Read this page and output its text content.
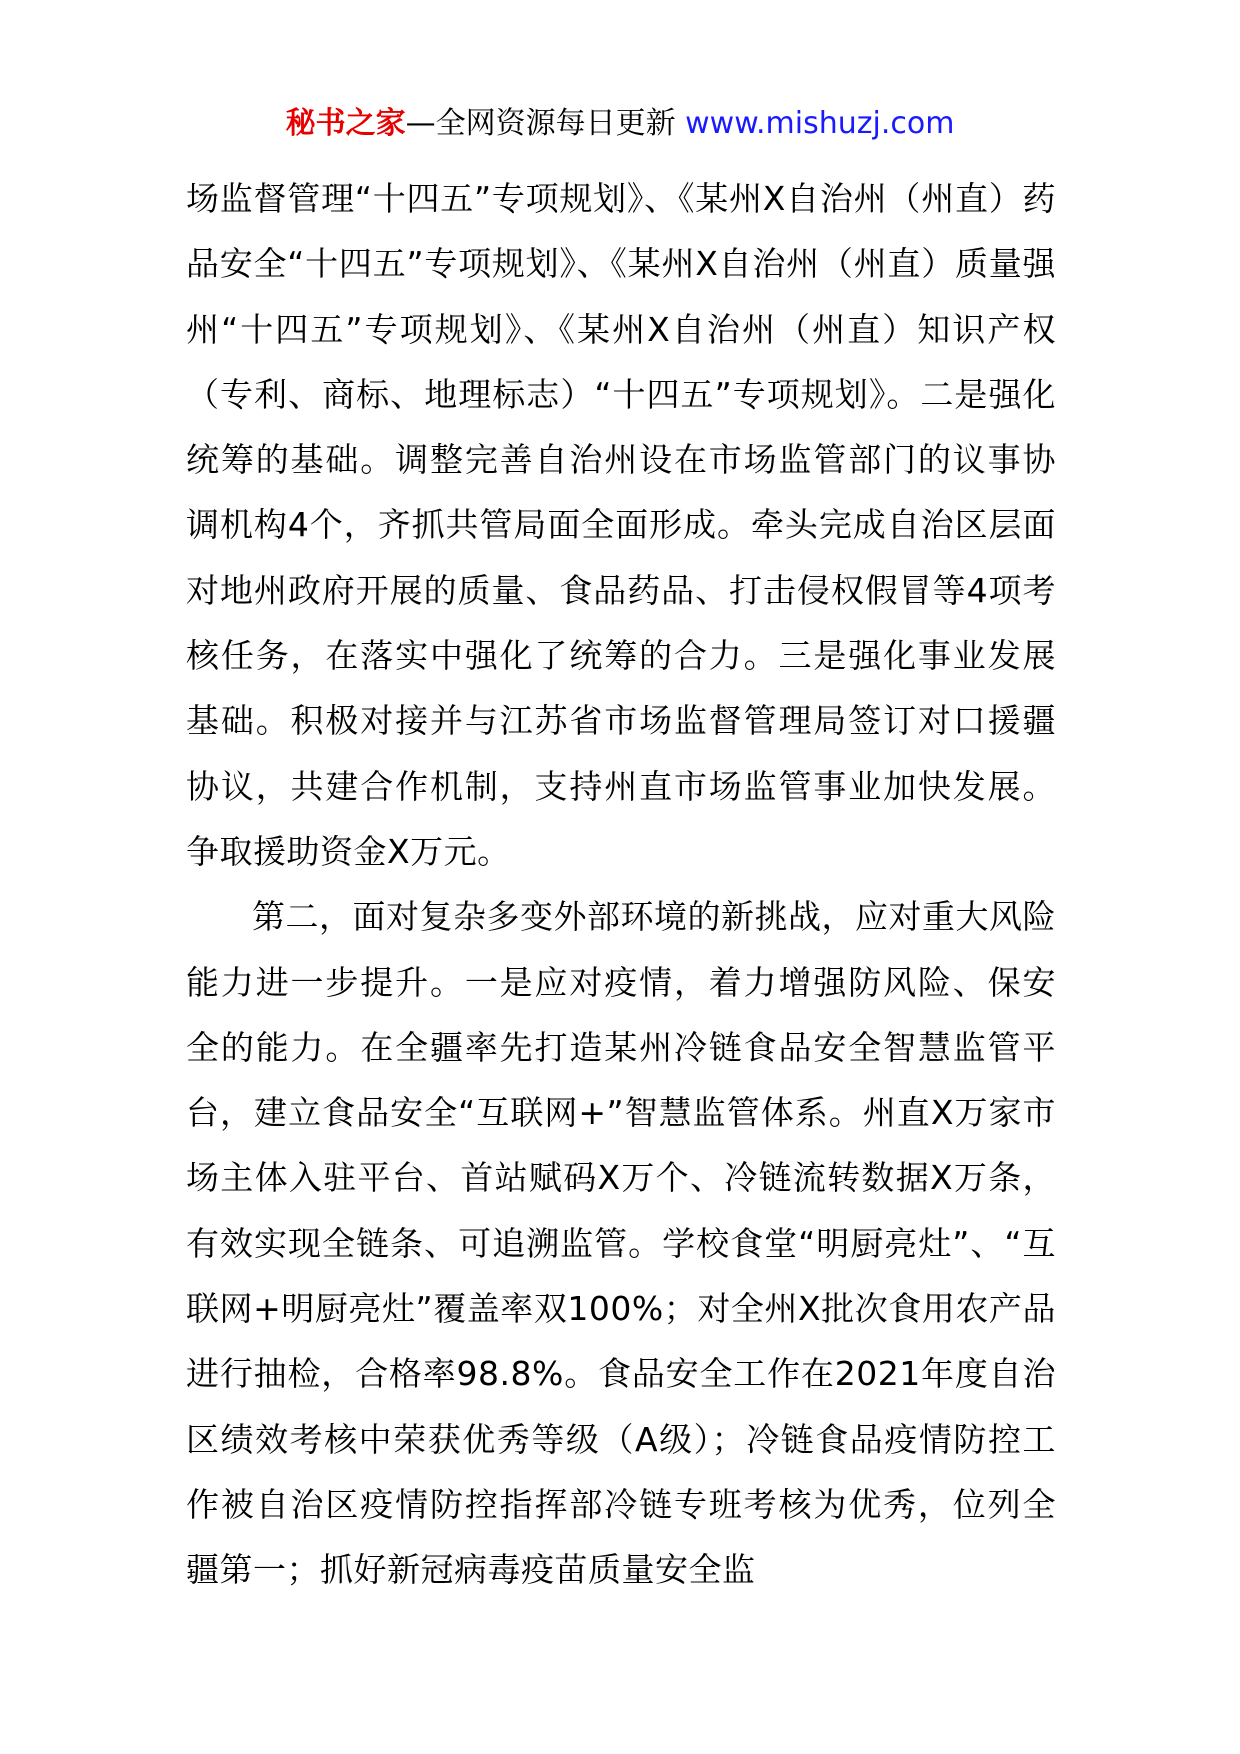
秘书之家—全网资源每日更新 www.mishuzj.com

场监督管理“十四五”专项规划》、《某州X自治州（州直）药品安全“十四五”专项规划》、《某州X自治州（州直）质量强州“十四五”专项规划》、《某州X自治州（州直）知识产权（专利、商标、地理标志）“十四五”专项规划》。二是强化统筹的基础。调整完善自治州设在市场监管部门的议事协调机构4个，齐抓共管局面全面形成。牵头完成自治区层面对地州政府开展的质量、食品药品、打击侵权假冒等4项考核任务，在落实中强化了统筹的合力。三是强化事业发展基础。积极对接并与江苏省市场监督管理局签订对口援疆协议，共建合作机制，支持州直市场监管事业加快发展。争取援助资金X万元。

第二，面对复杂多变外部环境的新挑战，应对重大风险能力进一步提升。一是应对疫情，着力增强防风险、保安全的能力。在全疆率先打造某州冷链食品安全智慧监管平台，建立食品安全“互联网+”智慧监管体系。州直X万家市场主体入驻平台、首站赋码X万个、冷链流转数据X万条，有效实现全链条、可追溯监管。学校食堂“明厨亮灶”、“互联网+明厨亮灶”覆盖率双100%；对全州X批次食用农产品进行抽检，合格率98.8%。食品安全工作在2021年度自治区绩效考核中荣获优秀等级（A级）；冷链食品疫情防控工作被自治区疫情防控指挥部冷链专班考核为优秀，位列全疆第一；抓好新冠病毒疫苗质量安全监
